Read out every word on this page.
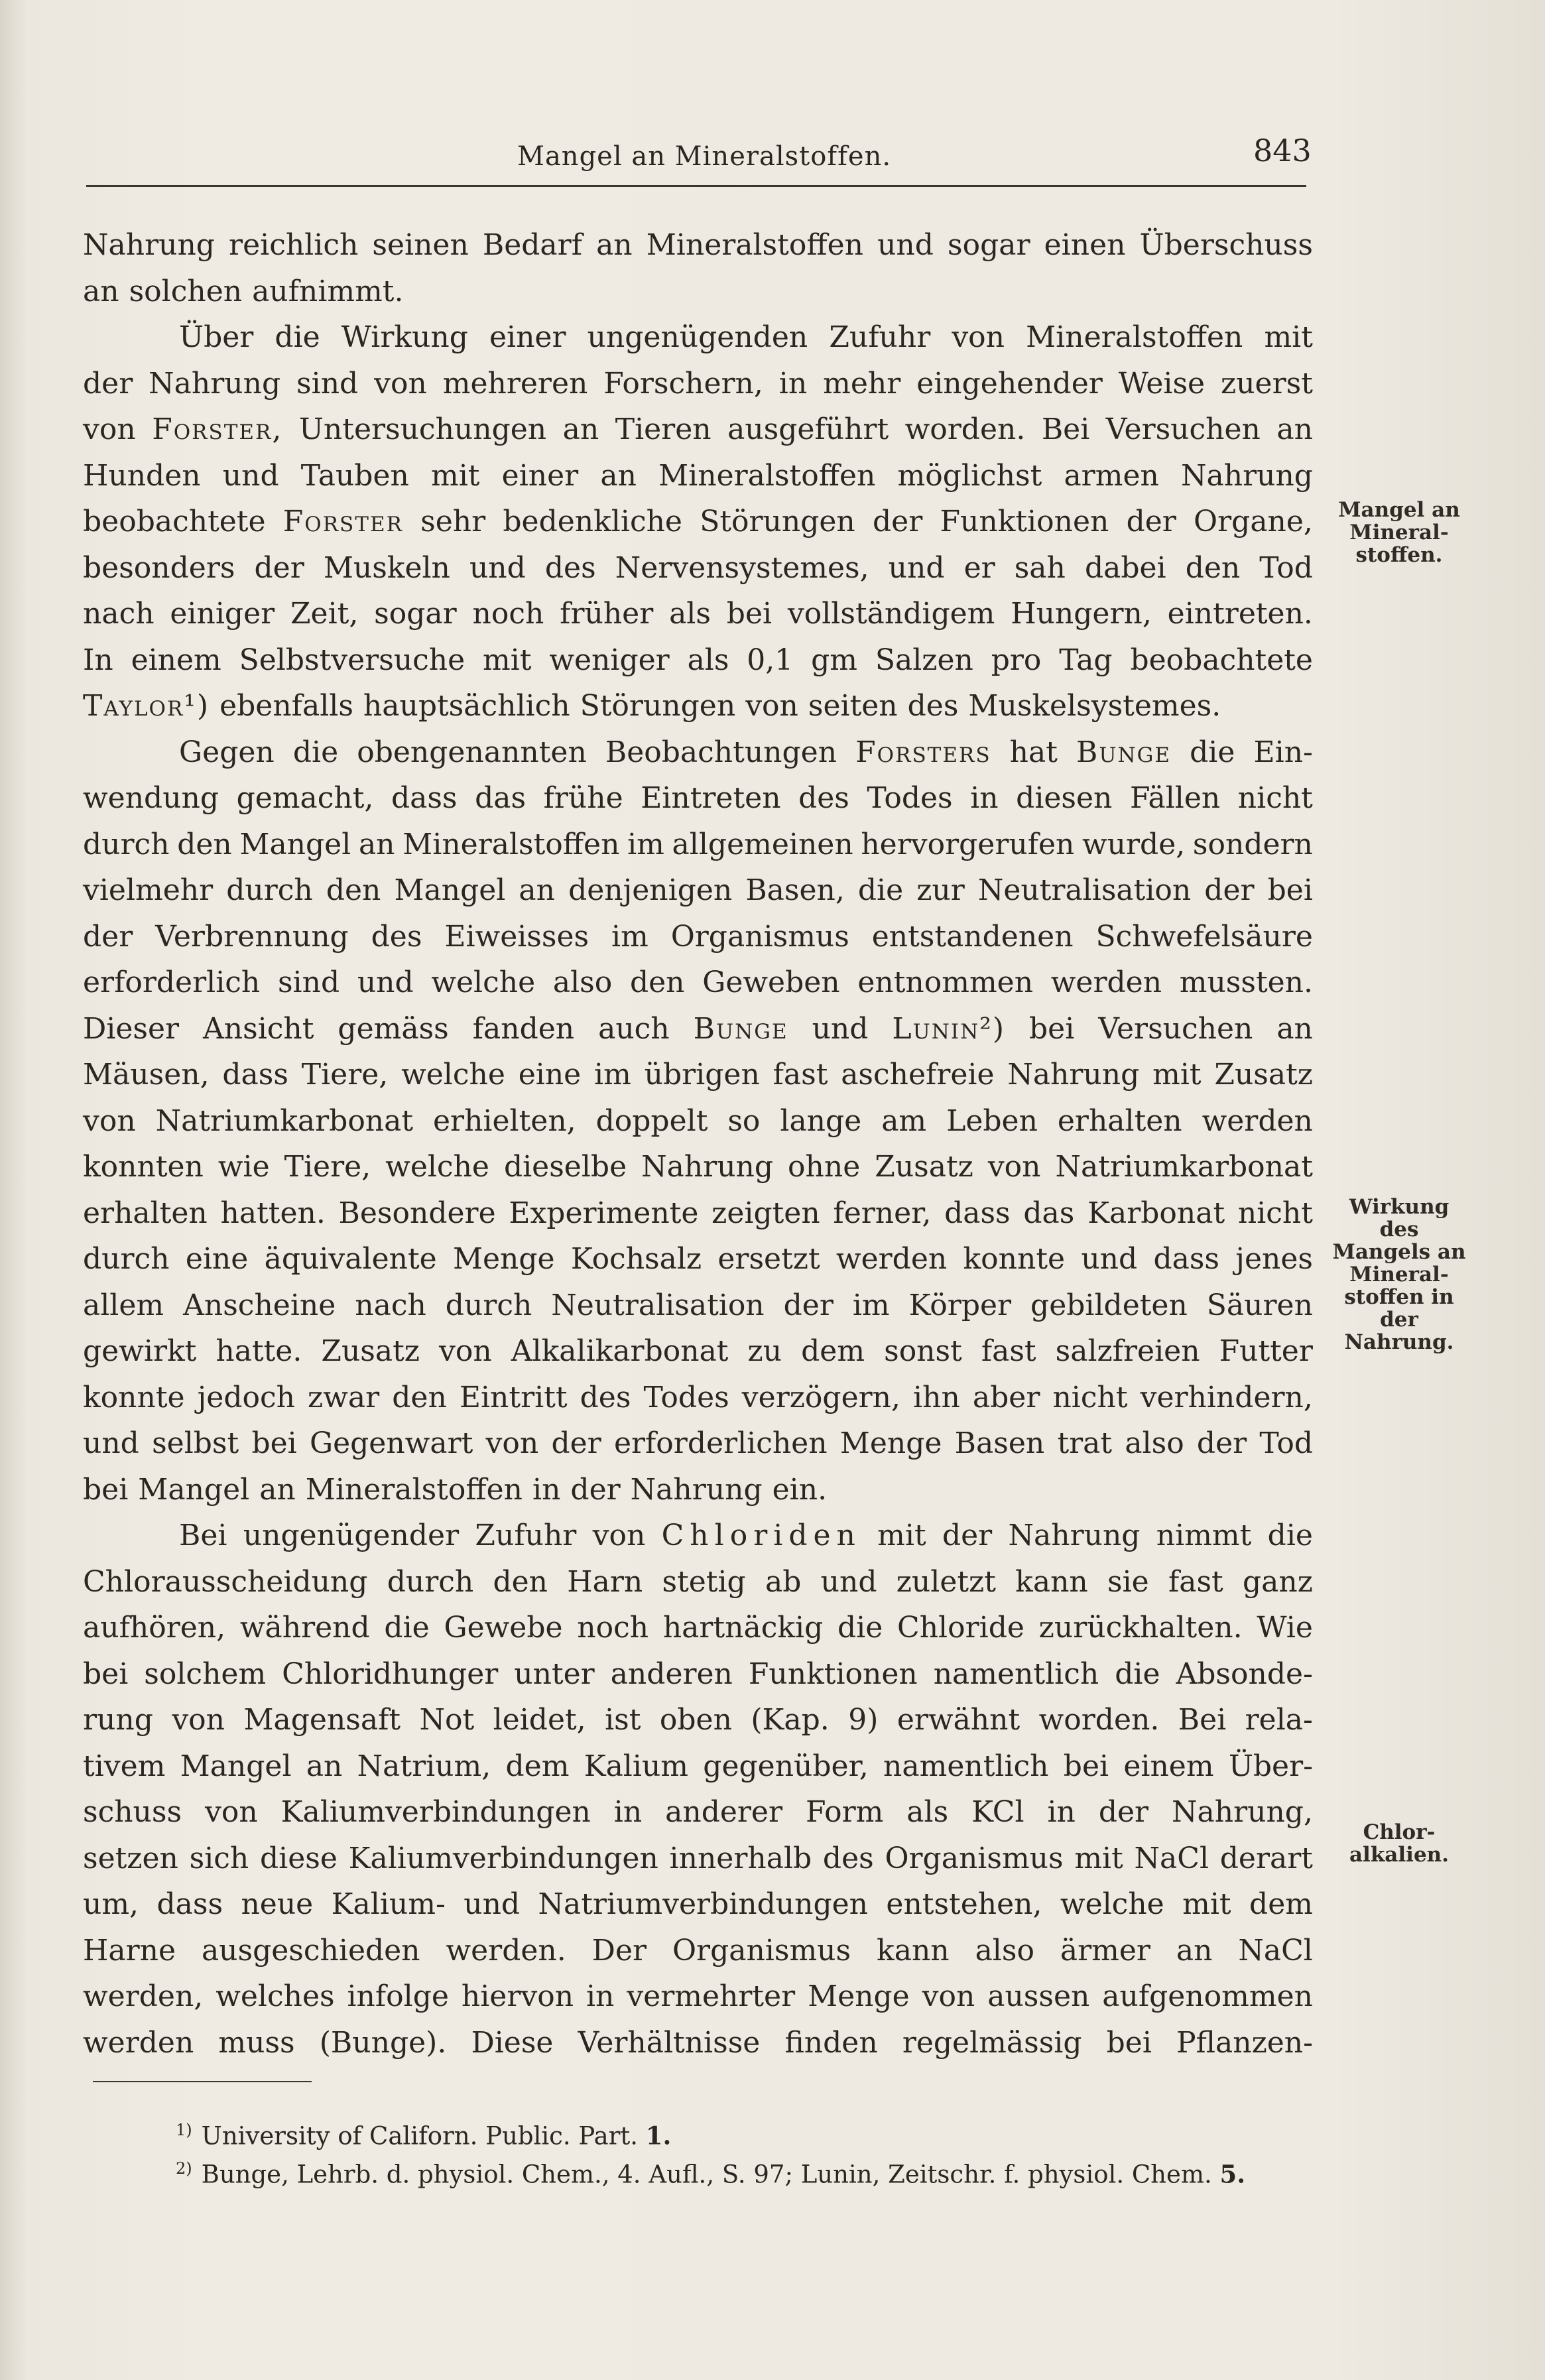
Mangel an Mineralstoffen.	843
Nahrung reichlich seinen Bedarf an Mineralstoffen und sogar einen Überschuss
an solchen aufnimmt.
Über die Wirkung einer ungenügenden Zufuhr von Mineralstoffen mit
der Nahrung sind von mehreren Forschern, in mehr eingehender Weise zuerst
von Forster, Untersuchungen an Tieren ausgeführt worden. Bei Versuchen an
Hunden und Tauben mit einer an Mineralstoffen möglichst armen Nahrung
beobachtete Forster sehr bedenkliche Störungen der Funktionen der Organe,
besonders der Muskeln und des Nervensystemes, und er sah dabei den Tod
nach einiger Zeit, sogar noch früher als bei vollständigem Hungern, eintreten.
In einem Selbstversuche mit weniger als 0,1 gm Salzen pro Tag beobachtete
Taylor¹) ebenfalls hauptsächlich Störungen von seiten des Muskelsystemes.
Gegen die obengenannten Beobachtungen Forsters hat Bunge die Ein-
wendung gemacht, dass das frühe Eintreten des Todes in diesen Fällen nicht
durch den Mangel an Mineralstoffen im allgemeinen hervorgerufen wurde, sondern
vielmehr durch den Mangel an denjenigen Basen, die zur Neutralisation der bei
der Verbrennung des Eiweisses im Organismus entstandenen Schwefelsäure
erforderlich sind und welche also den Geweben entnommen werden mussten.
Dieser Ansicht gemäss fanden auch Bunge und Lunin²) bei Versuchen an
Mäusen, dass Tiere, welche eine im übrigen fast aschefreie Nahrung mit Zusatz
von Natriumkarbonat erhielten, doppelt so lange am Leben erhalten werden
konnten wie Tiere, welche dieselbe Nahrung ohne Zusatz von Natriumkarbonat
erhalten hatten. Besondere Experimente zeigten ferner, dass das Karbonat nicht
durch eine äquivalente Menge Kochsalz ersetzt werden konnte und dass jenes
allem Anscheine nach durch Neutralisation der im Körper gebildeten Säuren
gewirkt hatte. Zusatz von Alkalikarbonat zu dem sonst fast salzfreien Futter
konnte jedoch zwar den Eintritt des Todes verzögern, ihn aber nicht verhindern,
und selbst bei Gegenwart von der erforderlichen Menge Basen trat also der Tod
bei Mangel an Mineralstoffen in der Nahrung ein.
Bei ungenügender Zufuhr von Chloriden mit der Nahrung nimmt die
Chlorausscheidung durch den Harn stetig ab und zuletzt kann sie fast ganz
aufhören, während die Gewebe noch hartnäckig die Chloride zurückhalten. Wie
bei solchem Chloridhunger unter anderen Funktionen namentlich die Absonde-
rung von Magensaft Not leidet, ist oben (Kap. 9) erwähnt worden. Bei rela-
tivem Mangel an Natrium, dem Kalium gegenüber, namentlich bei einem Über-
schuss von Kaliumverbindungen in anderer Form als KCl in der Nahrung,
setzen sich diese Kaliumverbindungen innerhalb des Organismus mit NaCl derart
um, dass neue Kalium- und Natriumverbindungen entstehen, welche mit dem
Harne ausgeschieden werden. Der Organismus kann also ärmer an NaCl
werden, welches infolge hiervon in vermehrter Menge von aussen aufgenommen
werden muss (Bunge). Diese Verhältnisse finden regelmässig bei Pflanzen-
Mangel an Mineral-stoffen.
Wirkung des Mangels an Mineral-stoffen in der Nahrung.
Chlor-alkalien.
$^{1)}$ University of Californ. Public. Part. 1.
$^{2)}$ Bunge, Lehrb. d. physiol. Chem., 4. Aufl., S. 97; Lunin, Zeitschr. f. physiol. Chem. 5.
